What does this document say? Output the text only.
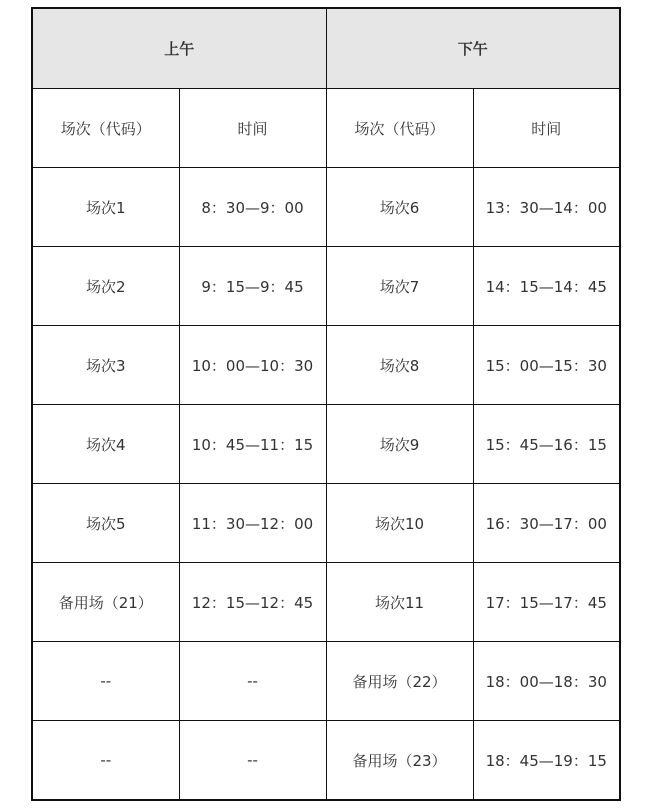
上午		下午	
场次（代码）	时间	场次（代码）	时间
场次1	8：30—9：00	场次6	13：30—14：00
场次2	9：15—9：45	场次7	14：15—14：45
场次3	10：00—10：30	场次8	15：00—15：30
场次4	10：45—11：15	场次9	15：45—16：15
场次5	11：30—12：00	场次10	16：30—17：00
备用场（21）	12：15—12：45	场次11	17：15—17：45
--	--	备用场（22）	18：00—18：30
--	--	备用场（23）	18：45—19：15
